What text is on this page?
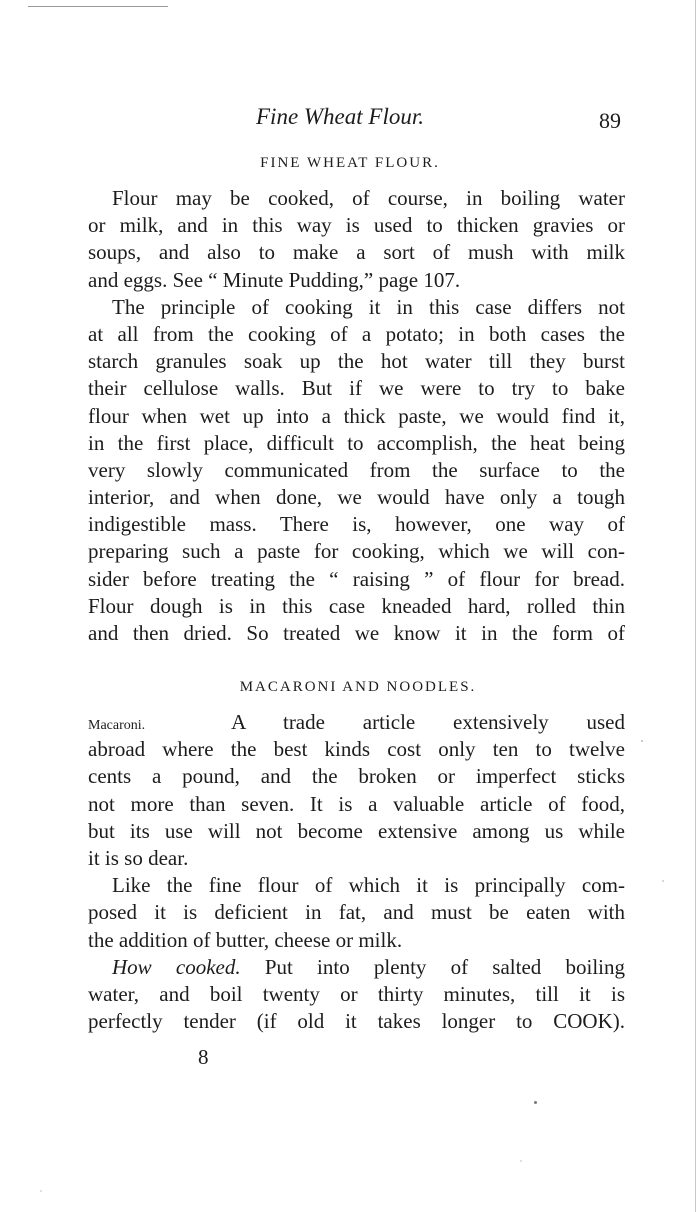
Fine Wheat Flour.	89
FINE WHEAT FLOUR.
Flour may be cooked, of course, in boiling water
or milk, and in this way is used to thicken gravies or
soups, and also to make a sort of mush with milk
and eggs. See “ Minute Pudding,” page 107.
The principle of cooking it in this case differs not
at all from the cooking of a potato; in both cases the
starch granules soak up the hot water till they burst
their cellulose walls. But if we were to try to bake
flour when wet up into a thick paste, we would find it,
in the first place, difficult to accomplish, the heat being
very slowly communicated from the surface to the
interior, and when done, we would have only a tough
indigestible mass. There is, however, one way of
preparing such a paste for cooking, which we will con-
sider before treating the “ raising ” of flour for bread.
Flour dough is in this case kneaded hard, rolled thin
and then dried. So treated we know it in the form of
MACARONI AND NOODLES.
Macaroni.	A trade article extensively used
abroad where the best kinds cost only ten to twelve
cents a pound, and the broken or imperfect sticks
not more than seven. It is a valuable article of food,
but its use will not become extensive among us while
it is so dear.
Like the fine flour of which it is principally com-
posed it is deficient in fat, and must be eaten with
the addition of butter, cheese or milk.
How cooked. Put into plenty of salted boiling
water, and boil twenty or thirty minutes, till it is
perfectly tender (if old it takes longer to COOK).
8
